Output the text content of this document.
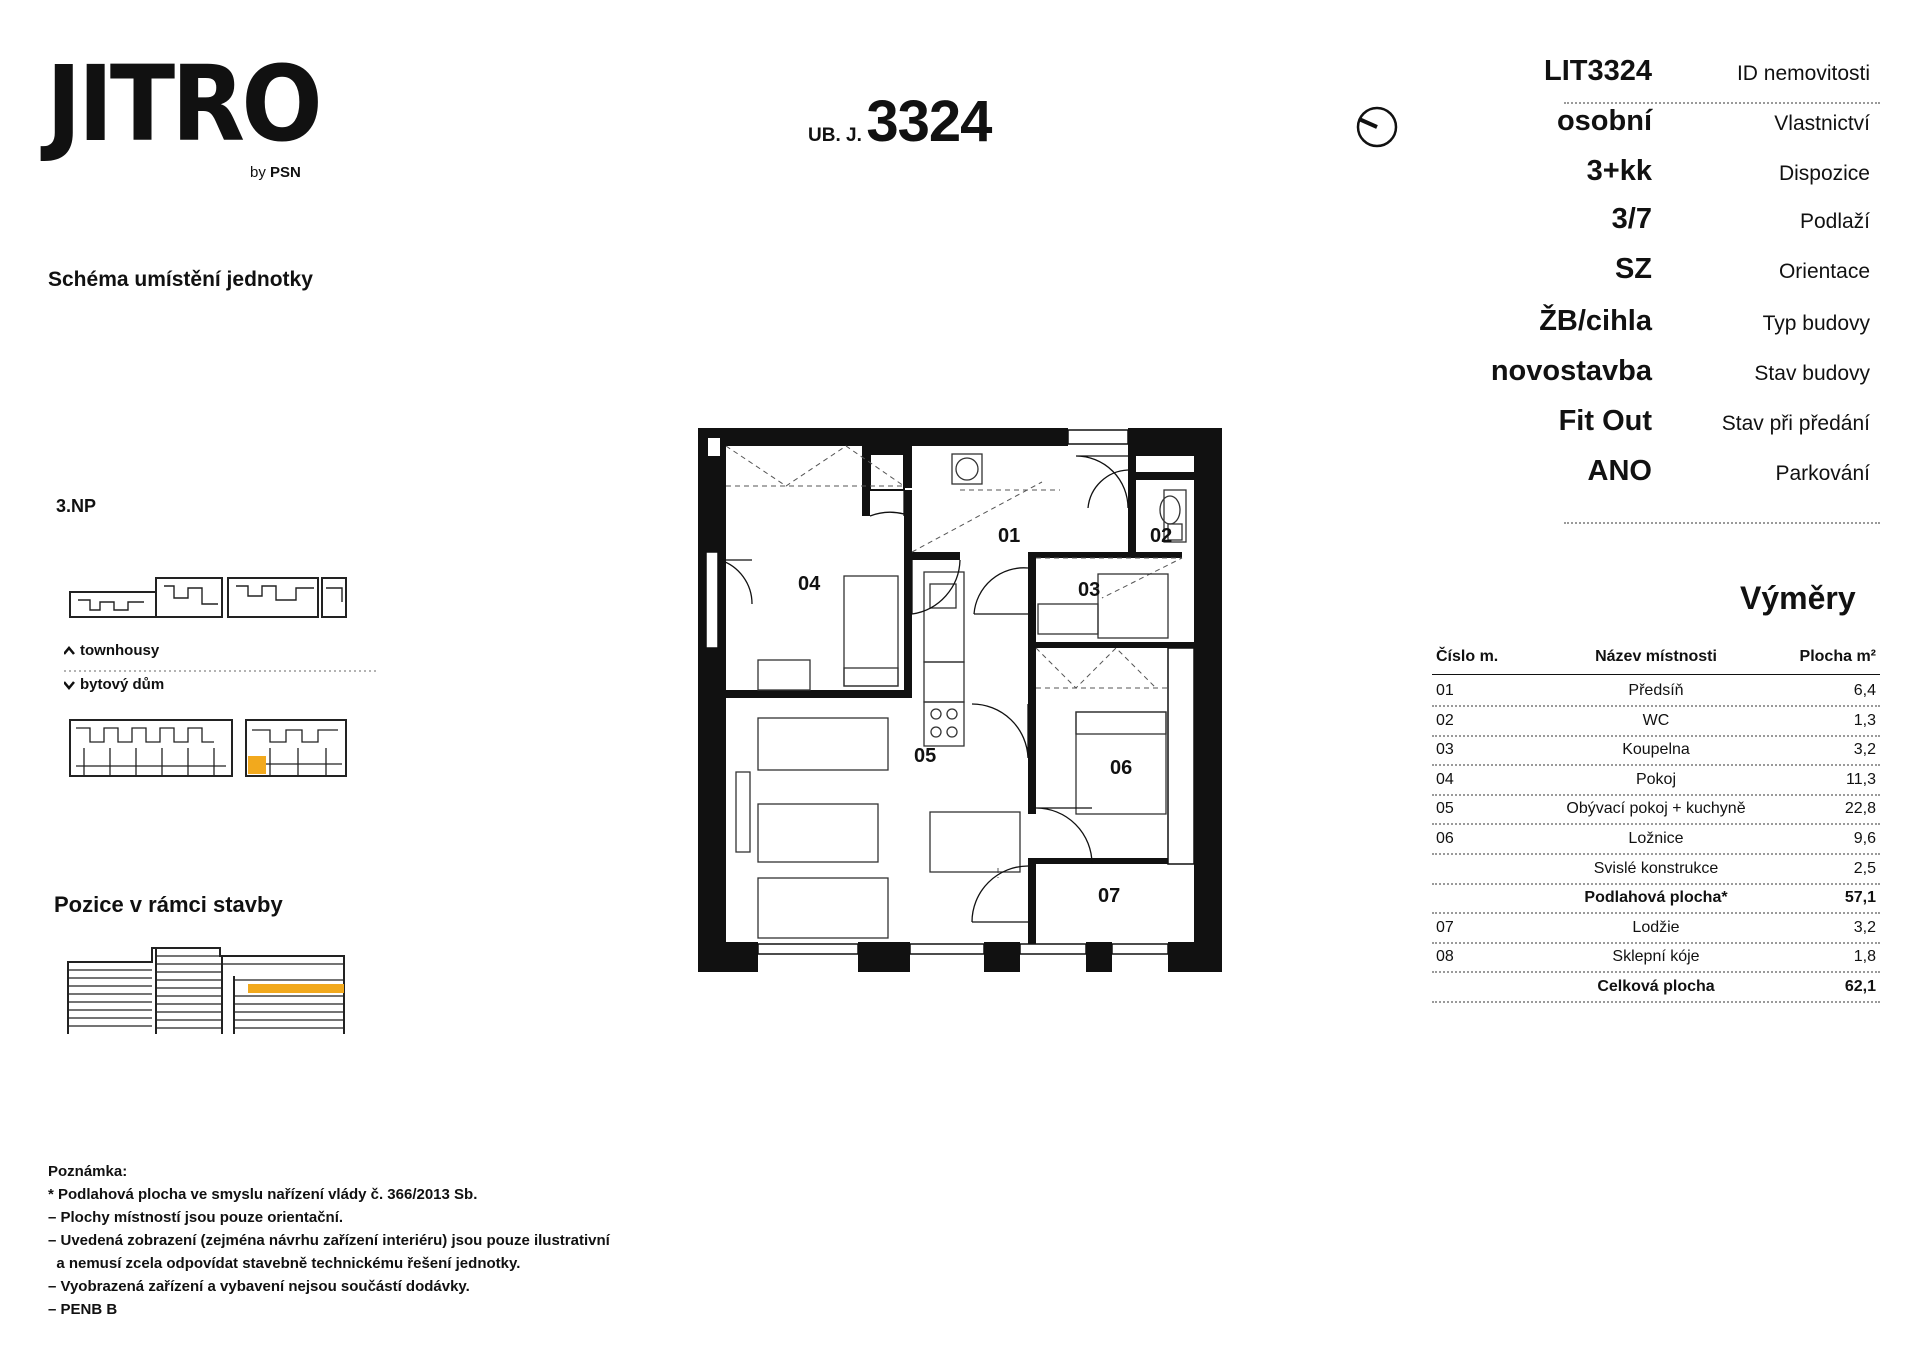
JITRO
by PSN
UB. J. 3324
Schéma umístění jednotky
3.NP
townhousy
bytový dům
Pozice v rámci stavby
04
01	02
03
05
06
07
LIT3324	ID nemovitosti
osobní	Vlastnictví
3+kk	Dispozice
3/7	Podlaží
SZ	Orientace
ŽB/cihla	Typ budovy
novostavba	Stav budovy
Fit Out	Stav při předání
ANO	Parkování
Výměry
Číslo m.	Název místnosti	Plocha m²
01	Předsíň	6,4
02	WC	1,3
03	Koupelna	3,2
04	Pokoj	11,3
05	Obývací pokoj + kuchyně	22,8
06	Ložnice	9,6
Svislé konstrukce	2,5
Podlahová plocha*	57,1
07	Lodžie	3,2
08	Sklepní kóje	1,8
Celková plocha	62,1
Poznámka:
* Podlahová plocha ve smyslu nařízení vlády č. 366/2013 Sb.
– Plochy místností jsou pouze orientační.
– Uvedená zobrazení (zejména návrhu zařízení interiéru) jsou pouze ilustrativní
a nemusí zcela odpovídat stavebně technickému řešení jednotky.
– Vyobrazená zařízení a vybavení nejsou součástí dodávky.
– PENB B
